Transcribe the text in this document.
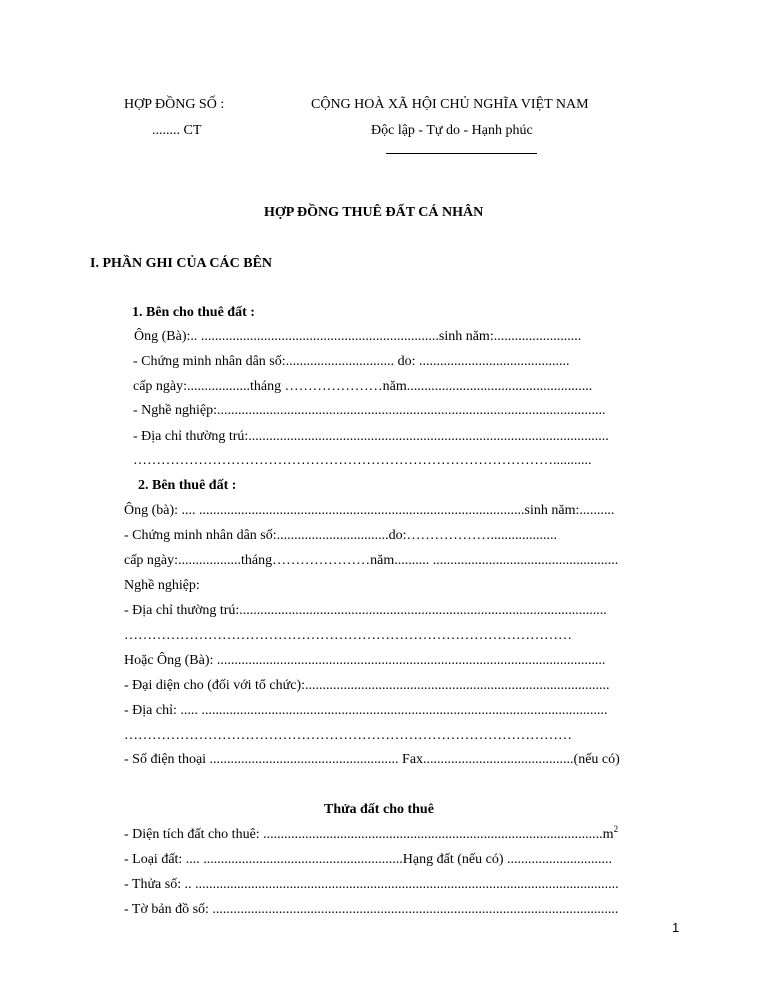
HỢP ĐỒNG SỐ :
........ CT
CỘNG HOÀ XÃ HỘI CHỦ NGHĨA VIỆT NAM
Độc lập - Tự do - Hạnh phúc
HỢP ĐỒNG THUÊ ĐẤT CÁ NHÂN
I. PHẦN GHI CỦA CÁC BÊN
1. Bên cho thuê đất :
Ông (Bà):.. ....................................................................sinh năm:.........................
- Chứng minh nhân dân số:............................... do: ...........................................
cấp ngày:..................tháng …………………năm.....................................................
- Nghề nghiệp:...............................................................................................................
- Địa chỉ thường trú:.......................................................................................................
………………………………………………………………………………...........
2. Bên thuê đất :
Ông (bà): .... .............................................................................................sinh năm:..........
- Chứng minh nhân dân số:................................do:………………...................
cấp ngày:..................tháng…………………năm.......... .....................................................
Nghề nghiệp:
- Địa chỉ thường trú:.........................................................................................................
……………………………………………………………………………………
Hoặc Ông (Bà): ...............................................................................................................
- Đại diện cho (đối với tổ chức):.......................................................................................
- Địa chỉ: ..... ....................................................................................................................
……………………………………………………………………………………
- Số điện thoại ...................................................... Fax...........................................(nếu có)
Thửa đất cho thuê
- Diện tích đất cho thuê: $.................................................................................................m^2$
- Loại đất: .... .........................................................Hạng đất (nếu có) ..............................
- Thửa số: .. .........................................................................................................................
- Tờ bản đồ số: ....................................................................................................................
1
